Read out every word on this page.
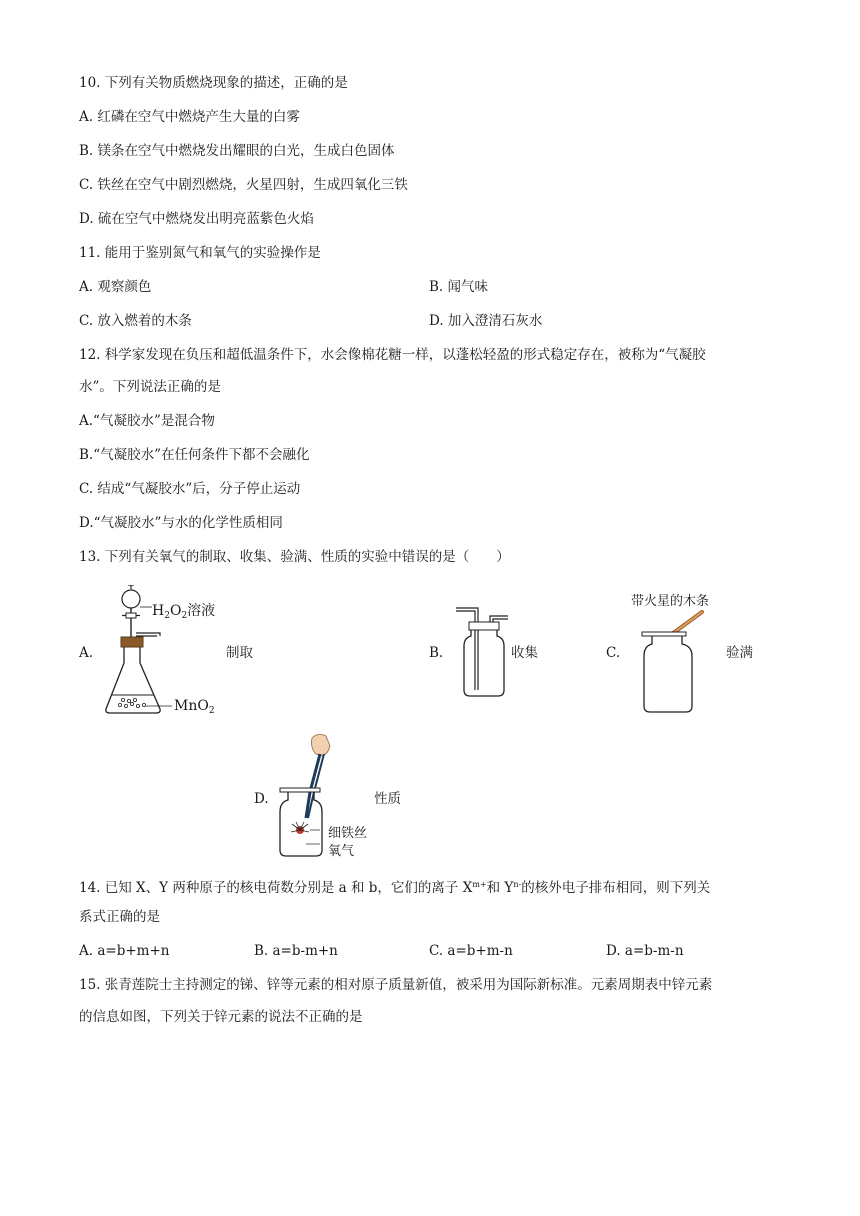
10. 下列有关物质燃烧现象的描述，正确的是
A. 红磷在空气中燃烧产生大量的白雾
B. 镁条在空气中燃烧发出耀眼的白光，生成白色固体
C. 铁丝在空气中剧烈燃烧，火星四射，生成四氧化三铁
D. 硫在空气中燃烧发出明亮蓝紫色火焰
11. 能用于鉴别氮气和氧气的实验操作是
A. 观察颜色	B. 闻气味
C. 放入燃着的木条	D. 加入澄清石灰水
12. 科学家发现在负压和超低温条件下，水会像棉花糖一样，以蓬松轻盈的形式稳定存在，被称为“气凝胶
水”。下列说法正确的是
A.“气凝胶水”是混合物
B.“气凝胶水”在任何条件下都不会融化
C. 结成“气凝胶水”后，分子停止运动
D.“气凝胶水”与水的化学性质相同
13. 下列有关氧气的制取、收集、验满、性质的实验中错误的是（　　）
A.
$H_2O_2$溶液
MnO$_2$
制取	B.	收集	C.
带火星的木条
验满
D.
细铁丝
氧气
性质
14. 已知 X、Y 两种原子的核电荷数分别是 a 和 b，它们的离子 $X^{m+}$和 $Y^{n-}$的核外电子排布相同，则下列关
系式正确的是
A. a=b+m+n	B. a=b-m+n	C. a=b+m-n	D. a=b-m-n
15. 张青莲院士主持测定的锑、锌等元素的相对原子质量新值，被采用为国际新标准。元素周期表中锌元素
的信息如图，下列关于锌元素的说法不正确的是
